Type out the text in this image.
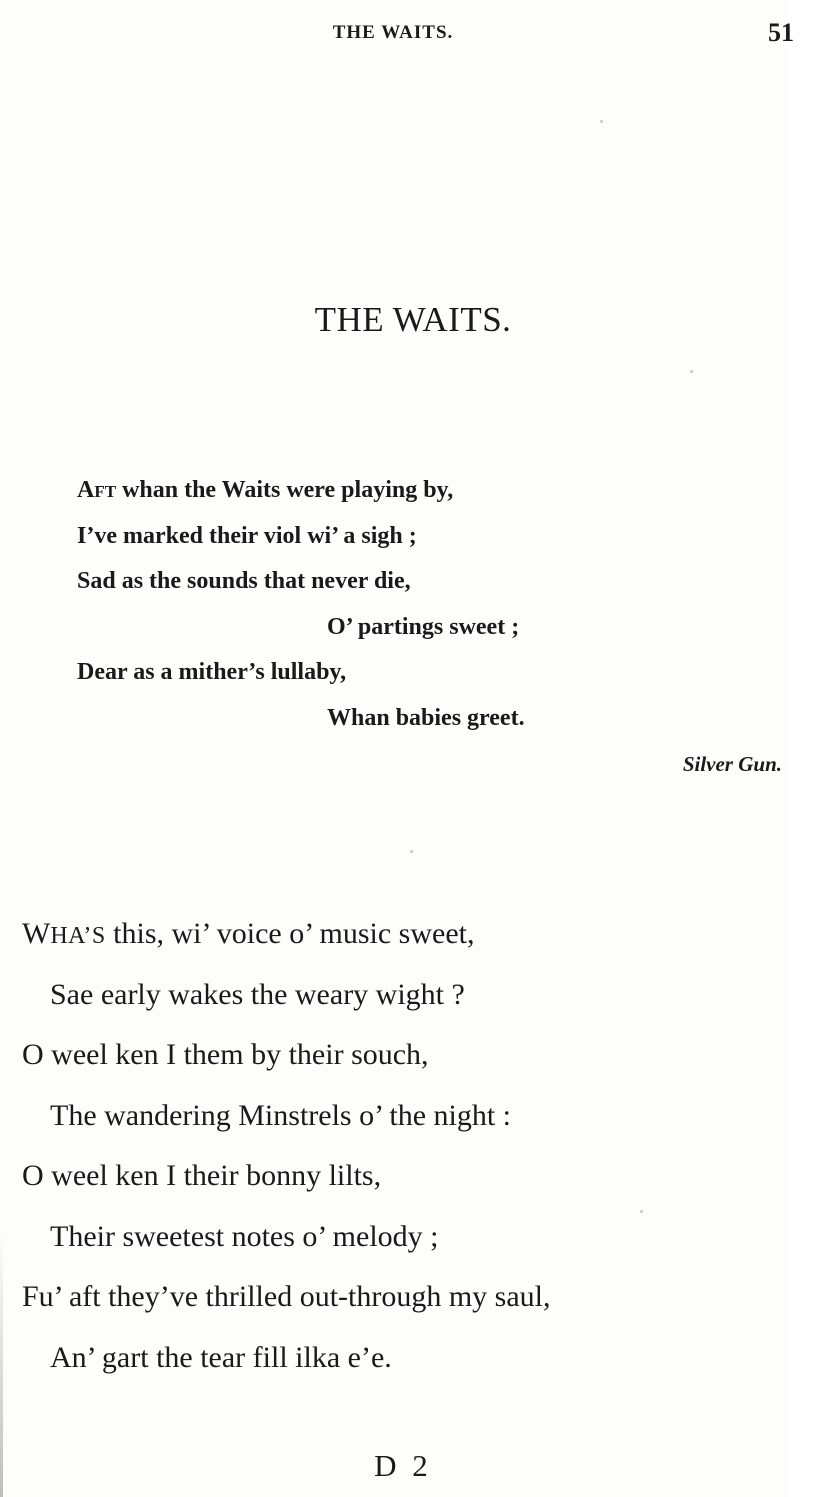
THE WAITS.	51
THE WAITS.
Aft whan the Waits were playing by,
I’ve marked their viol wi’ a sigh ;
Sad as the sounds that never die,
O’ partings sweet ;
Dear as a mither’s lullaby,
Whan babies greet.
Silver Gun.
WHA’S this, wi’ voice o’ music sweet,
Sae early wakes the weary wight ?
O weel ken I them by their souch,
The wandering Minstrels o’ the night :
O weel ken I their bonny lilts,
Their sweetest notes o’ melody ;
Fu’ aft they’ve thrilled out-through my saul,
An’ gart the tear fill ilka e’e.
D 2
